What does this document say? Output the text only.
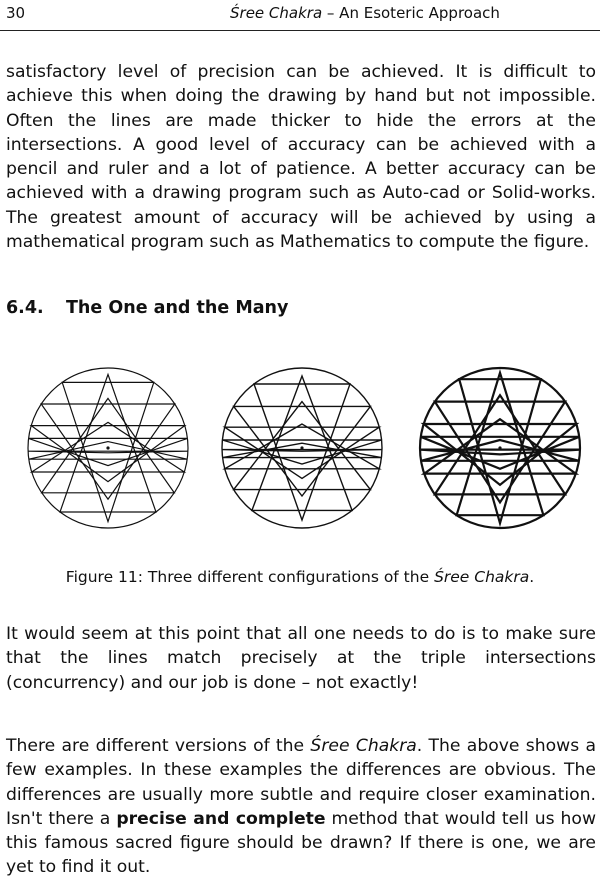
30	Śree Chakra – An Esoteric Approach

satisfactory level of precision can be achieved. It is difficult to achieve this when doing the drawing by hand but not impossible. Often the lines are made thicker to hide the errors at the intersections. A good level of accuracy can be achieved with a pencil and ruler and a lot of patience. A better accuracy can be achieved with a drawing program such as Auto-cad or Solid-works. The greatest amount of accuracy will be achieved by using a mathematical program such as Mathematics to compute the figure.

6.4. The One and the Many
Figure 11: Three different configurations of the Śree Chakra.

It would seem at this point that all one needs to do is to make sure that the lines match precisely at the triple intersections (concurrency) and our job is done – not exactly!

There are different versions of the Śree Chakra. The above shows a few examples. In these examples the differences are obvious. The differences are usually more subtle and require closer examination. Isn't there a precise and complete method that would tell us how this famous sacred figure should be drawn? If there is one, we are yet to find it out.
